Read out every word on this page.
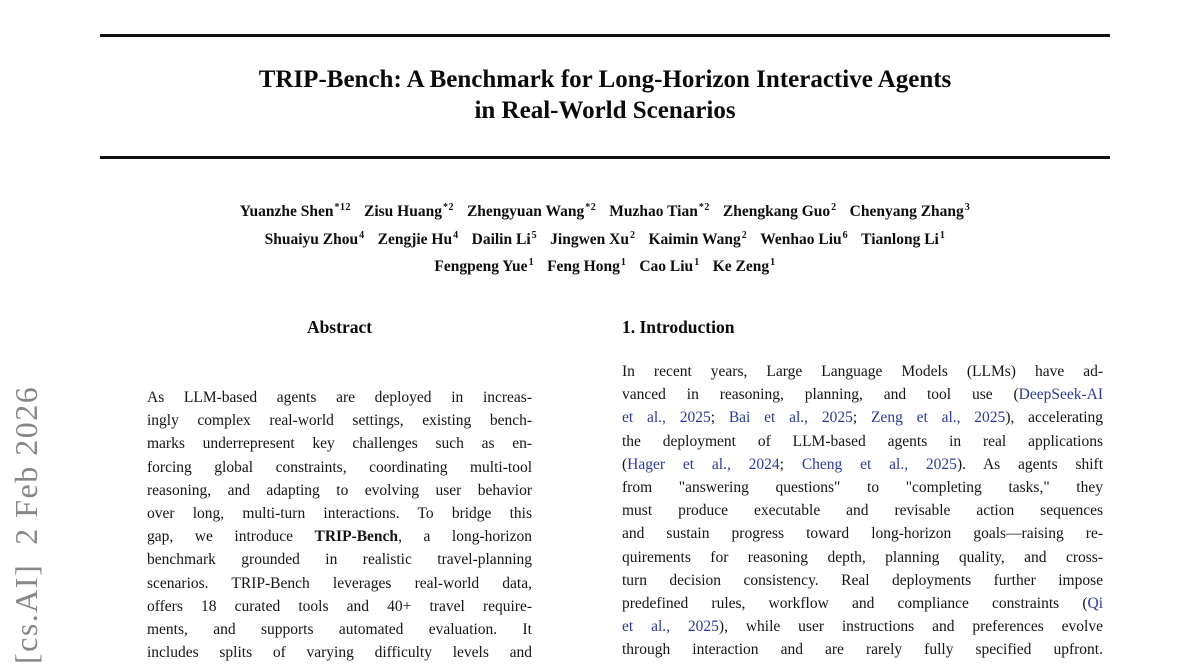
[cs.AI]  2 Feb 2026
TRIP-Bench: A Benchmark for Long-Horizon Interactive Agents
in Real-World Scenarios
Yuanzhe Shen$^{*12}$ Zisu Huang$^{*2}$ Zhengyuan Wang$^{*2}$ Muzhao Tian$^{*2}$ Zhengkang Guo$^2$ Chenyang Zhang$^3$
Shuaiyu Zhou$^4$ Zengjie Hu$^4$ Dailin Li$^5$ Jingwen Xu$^2$ Kaimin Wang$^2$ Wenhao Liu$^6$ Tianlong Li$^1$
Fengpeng Yue$^1$ Feng Hong$^1$ Cao Liu$^1$ Ke Zeng$^1$
Abstract
As LLM-based agents are deployed in increas-
ingly complex real-world settings, existing bench-
marks underrepresent key challenges such as en-
forcing global constraints, coordinating multi-tool
reasoning, and adapting to evolving user behavior
over long, multi-turn interactions. To bridge this
gap, we introduce TRIP-Bench, a long-horizon
benchmark grounded in realistic travel-planning
scenarios. TRIP-Bench leverages real-world data,
offers 18 curated tools and 40+ travel require-
ments, and supports automated evaluation. It
includes splits of varying difficulty levels and
1. Introduction
In recent years, Large Language Models (LLMs) have ad-
vanced in reasoning, planning, and tool use (DeepSeek-AI
et al., 2025; Bai et al., 2025; Zeng et al., 2025), accelerating
the deployment of LLM-based agents in real applications
(Hager et al., 2024; Cheng et al., 2025). As agents shift
from "answering questions" to "completing tasks," they
must produce executable and revisable action sequences
and sustain progress toward long-horizon goals—raising re-
quirements for reasoning depth, planning quality, and cross-
turn decision consistency. Real deployments further impose
predefined rules, workflow and compliance constraints (Qi
et al., 2025), while user instructions and preferences evolve
through interaction and are rarely fully specified upfront.
